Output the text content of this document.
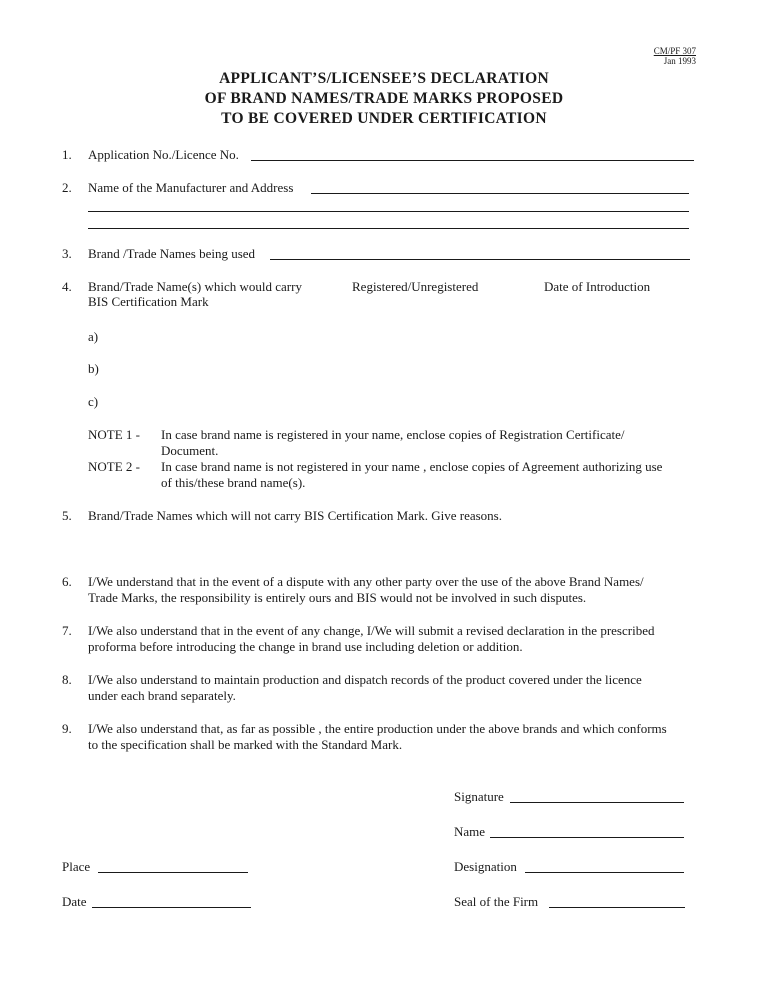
CM/PF 307
Jan 1993
APPLICANT’S/LICENSEE’S DECLARATION
OF BRAND NAMES/TRADE MARKS PROPOSED
TO BE COVERED UNDER CERTIFICATION
1. Application No./Licence No.
2. Name of the Manufacturer and Address
3. Brand /Trade Names being used
4. Brand/Trade Name(s) which would carry
BIS Certification Mark
Registered/Unregistered	Date of Introduction
a)
b)
c)
NOTE 1 - In case brand name is registered in your name, enclose copies of Registration Certificate/
Document.
NOTE 2 - In case brand name is not registered in your name , enclose copies of Agreement authorizing use
of this/these brand name(s).
5. Brand/Trade Names which will not carry BIS Certification Mark. Give reasons.
6. I/We understand that in the event of a dispute with any other party over the use of the above Brand Names/
Trade Marks, the responsibility is entirely ours and BIS would not be involved in such disputes.
7. I/We also understand that in the event of any change, I/We will submit a revised declaration in the prescribed
proforma before introducing the change in brand use including deletion or addition.
8. I/We also understand to maintain production and dispatch records of the product covered under the licence
under each brand separately.
9. I/We also understand that, as far as possible , the entire production under the above brands and which conforms
to the specification shall be marked with the Standard Mark.
Signature
Name
Designation
Seal of the Firm
Place
Date
